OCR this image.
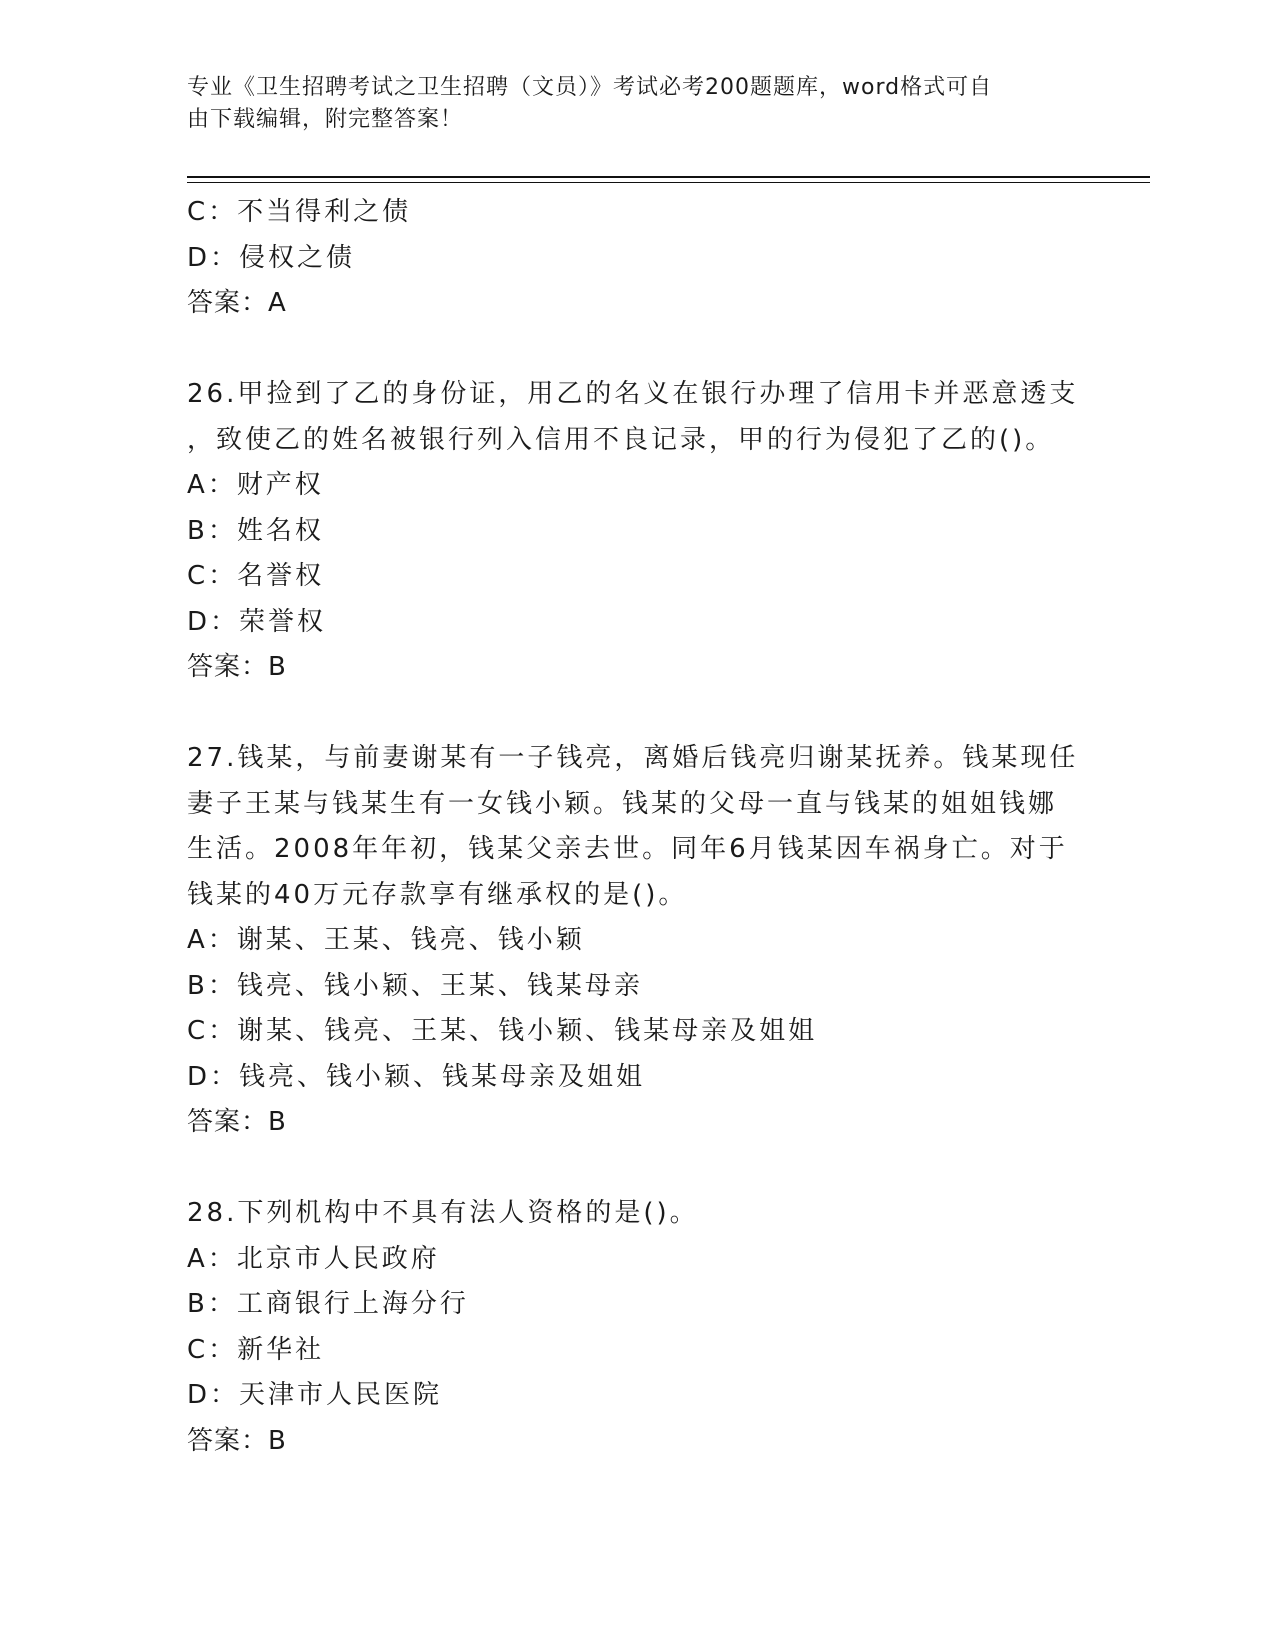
专业《卫生招聘考试之卫生招聘（文员）》考试必考200题题库，word格式可自
由下载编辑，附完整答案！
C：不当得利之债
D：侵权之债
答案：A
26.甲捡到了乙的身份证，用乙的名义在银行办理了信用卡并恶意透支
，致使乙的姓名被银行列入信用不良记录，甲的行为侵犯了乙的()。
A：财产权
B：姓名权
C：名誉权
D：荣誉权
答案：B
27.钱某，与前妻谢某有一子钱亮，离婚后钱亮归谢某抚养。钱某现任
妻子王某与钱某生有一女钱小颖。钱某的父母一直与钱某的姐姐钱娜
生活。2008年年初，钱某父亲去世。同年6月钱某因车祸身亡。对于
钱某的40万元存款享有继承权的是()。
A：谢某、王某、钱亮、钱小颖
B：钱亮、钱小颖、王某、钱某母亲
C：谢某、钱亮、王某、钱小颖、钱某母亲及姐姐
D：钱亮、钱小颖、钱某母亲及姐姐
答案：B
28.下列机构中不具有法人资格的是()。
A：北京市人民政府
B：工商银行上海分行
C：新华社
D：天津市人民医院
答案：B
